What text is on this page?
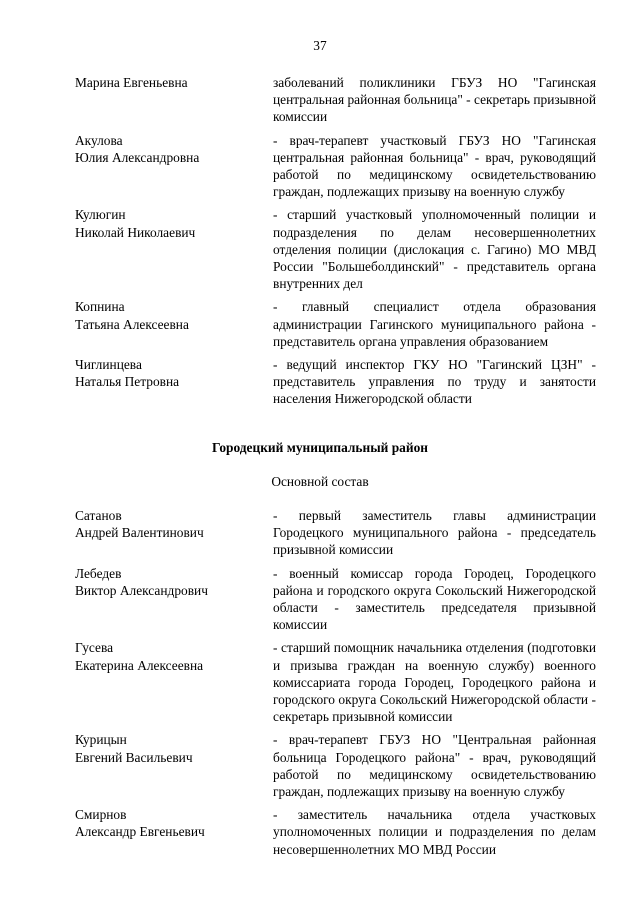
37
Марина Евгеньевна	заболеваний поликлиники ГБУЗ НО "Гагинская центральная районная больница" - секретарь призывной комиссии
Акулова
Юлия Александровна
- врач-терапевт участковый ГБУЗ НО "Гагинская центральная районная больница" - врач, руководящий работой по медицинскому освидетельствованию граждан, подлежащих призыву на военную службу
Кулюгин
Николай Николаевич
- старший участковый уполномоченный полиции и подразделения по делам несовершеннолетних отделения полиции (дислокация с. Гагино) МО МВД России "Большеболдинский" - представитель органа внутренних дел
Копнина
Татьяна Алексеевна
- главный специалист отдела образования администрации Гагинского муниципального района - представитель органа управления образованием
Чиглинцева
Наталья Петровна
- ведущий инспектор ГКУ НО "Гагинский ЦЗН" - представитель управления по труду и занятости населения Нижегородской области
Городецкий муниципальный район
Основной состав
Сатанов
Андрей Валентинович
- первый заместитель главы администрации Городецкого муниципального района - председатель призывной комиссии
Лебедев
Виктор Александрович
- военный комиссар города Городец, Городецкого района и городского округа Сокольский Нижегородской области - заместитель председателя призывной комиссии
Гусева
Екатерина Алексеевна
- старший помощник начальника отделения (подготовки и призыва граждан на военную службу) военного комиссариата города Городец, Городецкого района и городского округа Сокольский Нижегородской области - секретарь призывной комиссии
Курицын
Евгений Васильевич
- врач-терапевт ГБУЗ НО "Центральная районная больница Городецкого района" - врач, руководящий работой по медицинскому освидетельствованию граждан, подлежащих призыву на военную службу
Смирнов
Александр Евгеньевич
- заместитель начальника отдела участковых уполномоченных полиции и подразделения по делам несовершеннолетних МО МВД России
